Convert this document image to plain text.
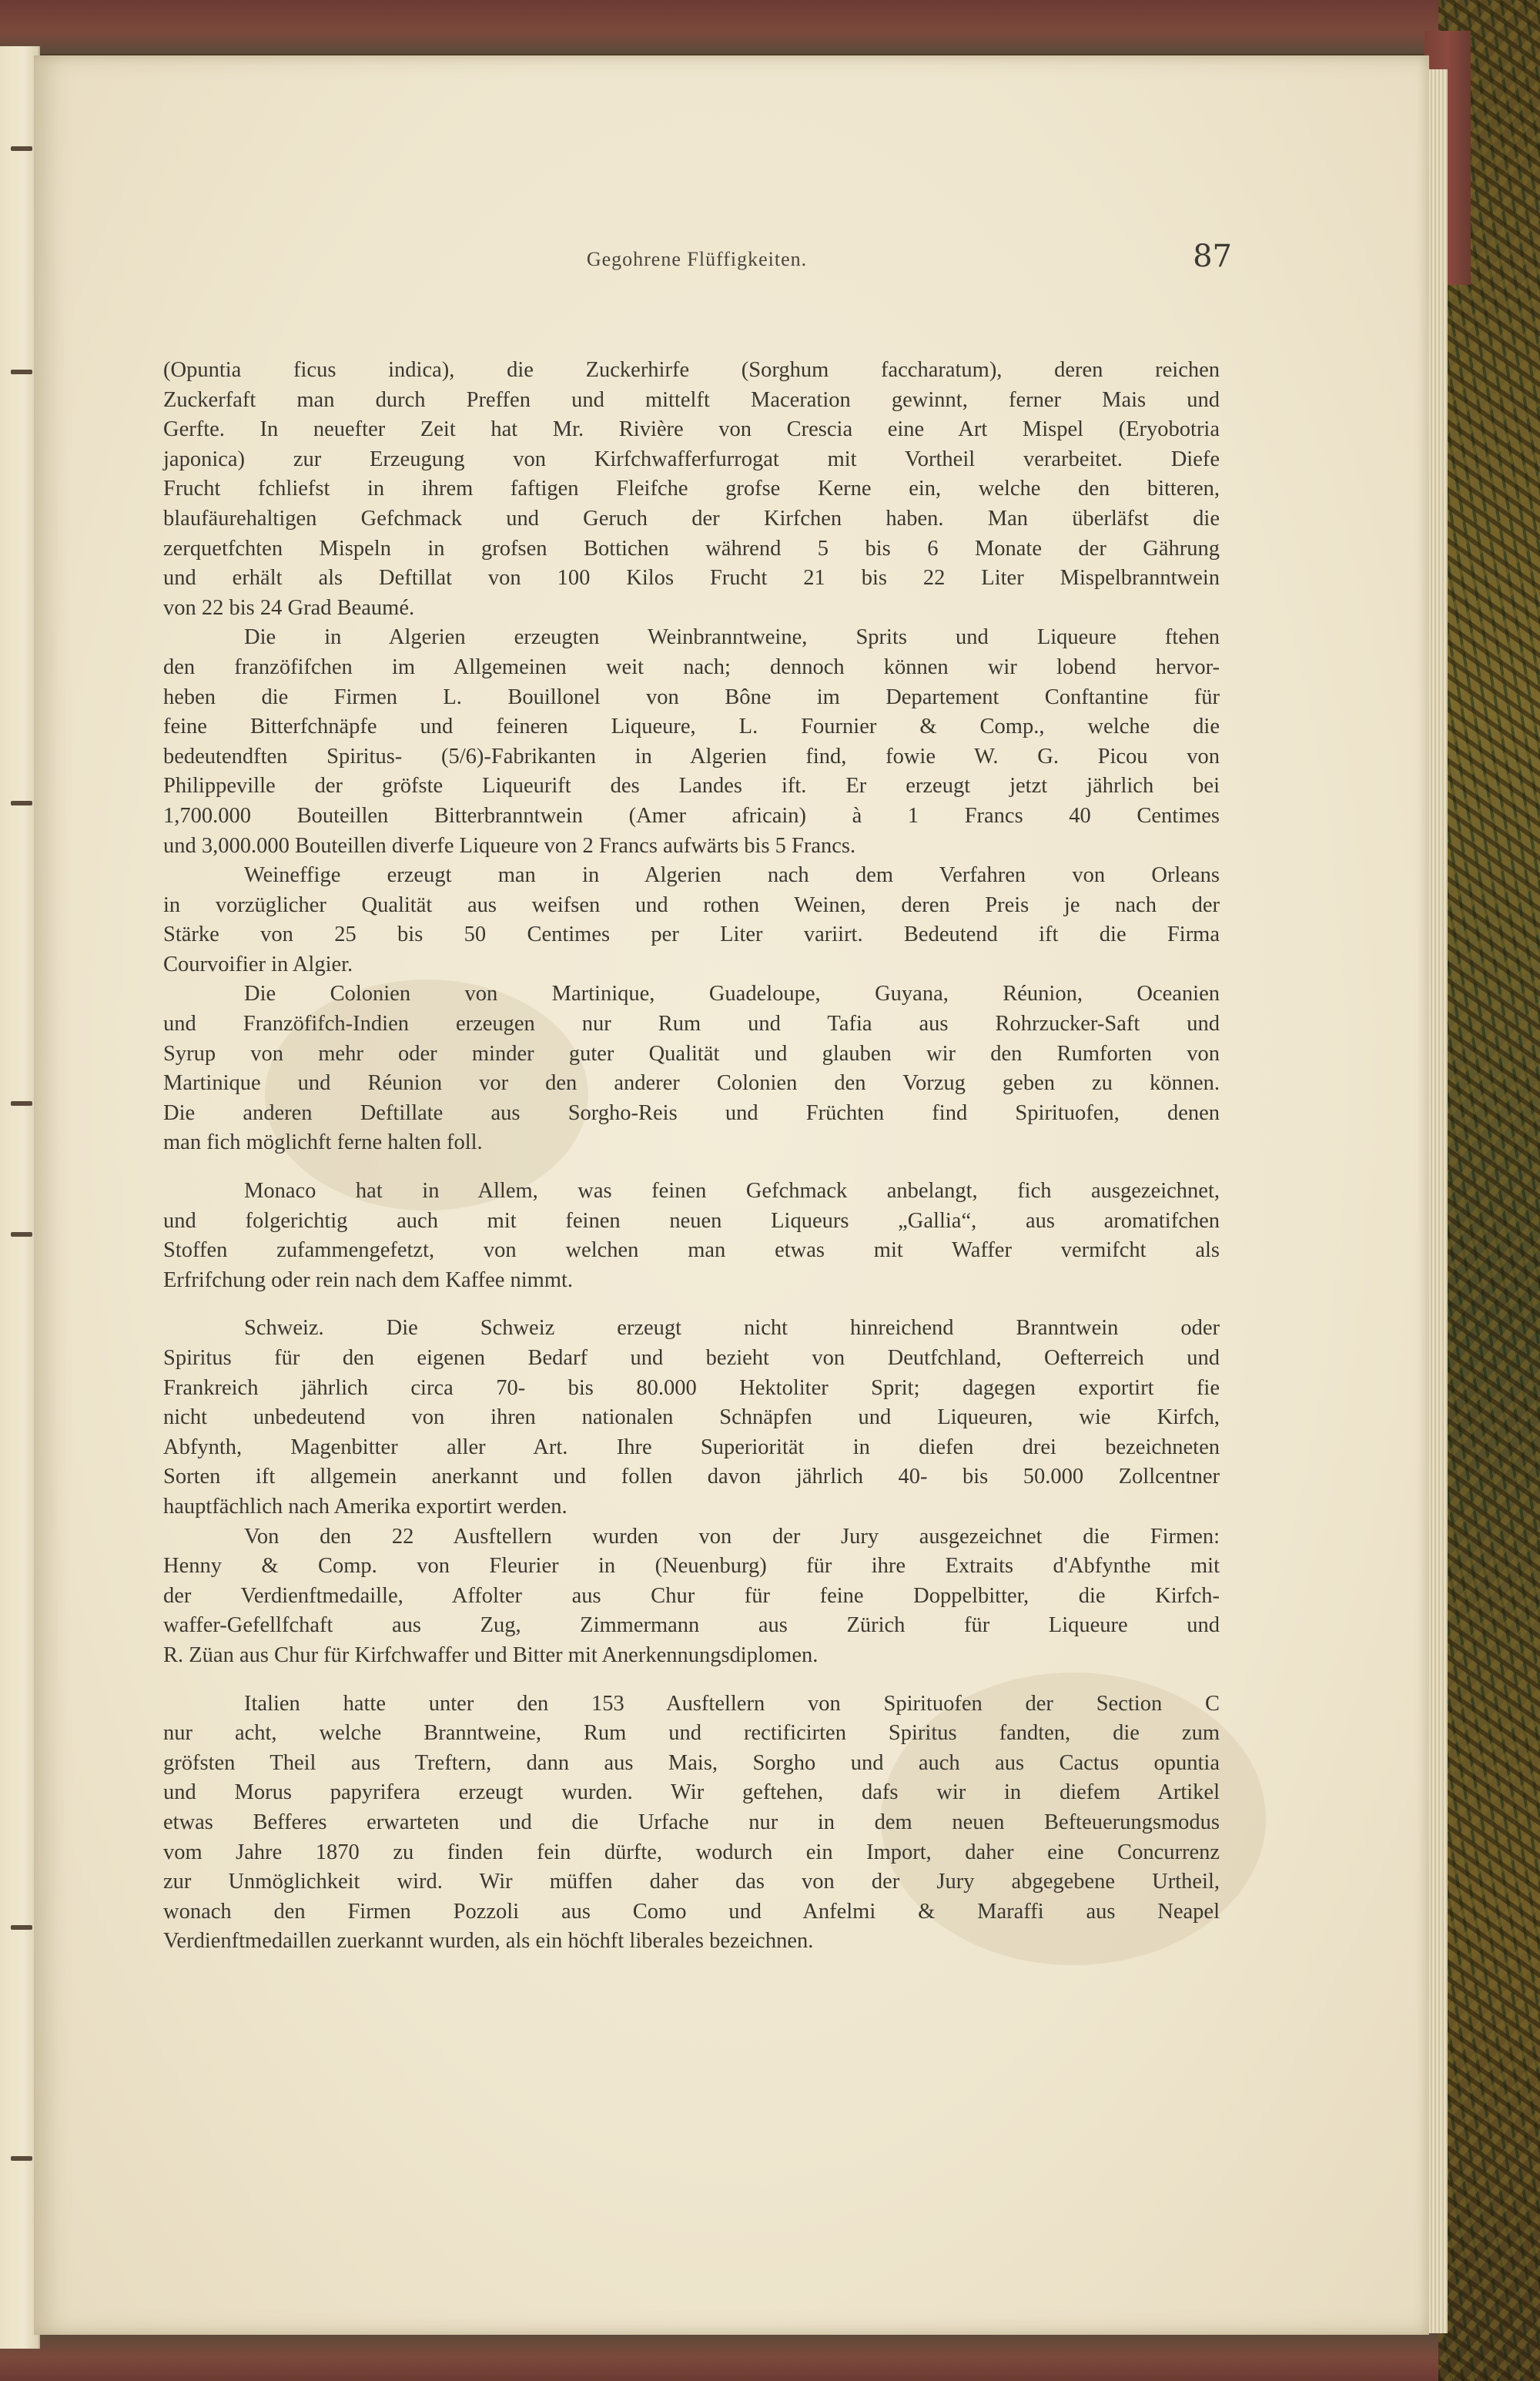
Gegohrene Flüffigkeiten.	87

(Opuntia ficus indica), die Zuckerhirfe (Sorghum faccharatum), deren reichen
Zuckerfaft man durch Preffen und mittelft Maceration gewinnt, ferner Mais und
Gerfte. In neuefter Zeit hat Mr. Rivière von Crescia eine Art Mispel (Eryobotria
japonica) zur Erzeugung von Kirfchwafferfurrogat mit Vortheil verarbeitet. Diefe
Frucht fchliefst in ihrem faftigen Fleifche grofse Kerne ein, welche den bitteren,
blaufäurehaltigen Gefchmack und Geruch der Kirfchen haben. Man überläfst die
zerquetfchten Mispeln in grofsen Bottichen während 5 bis 6 Monate der Gährung
und erhält als Deftillat von 100 Kilos Frucht 21 bis 22 Liter Mispelbranntwein
von 22 bis 24 Grad Beaumé.

Die in Algerien erzeugten Weinbranntweine, Sprits und Liqueure ftehen
den franzöfifchen im Allgemeinen weit nach; dennoch können wir lobend hervor-
heben die Firmen L. Bouillonel von Bône im Departement Conftantine für
feine Bitterfchnäpfe und feineren Liqueure, L. Fournier & Comp., welche die
bedeutendften Spiritus- (5/6)-Fabrikanten in Algerien find, fowie W. G. Picou von
Philippeville der gröfste Liqueurift des Landes ift. Er erzeugt jetzt jährlich bei
1,700.000 Bouteillen Bitterbranntwein (Amer africain) à 1 Francs 40 Centimes
und 3,000.000 Bouteillen diverfe Liqueure von 2 Francs aufwärts bis 5 Francs.

Weineffige erzeugt man in Algerien nach dem Verfahren von Orleans
in vorzüglicher Qualität aus weifsen und rothen Weinen, deren Preis je nach der
Stärke von 25 bis 50 Centimes per Liter variirt. Bedeutend ift die Firma
Courvoifier in Algier.

Die Colonien von Martinique, Guadeloupe, Guyana, Réunion, Oceanien
und Franzöfifch-Indien erzeugen nur Rum und Tafia aus Rohrzucker-Saft und
Syrup von mehr oder minder guter Qualität und glauben wir den Rumforten von
Martinique und Réunion vor den anderer Colonien den Vorzug geben zu können.
Die anderen Deftillate aus Sorgho-Reis und Früchten find Spirituofen, denen
man fich möglichft ferne halten foll.

Monaco hat in Allem, was feinen Gefchmack anbelangt, fich ausgezeichnet,
und folgerichtig auch mit feinen neuen Liqueurs „Gallia“, aus aromatifchen
Stoffen zufammengefetzt, von welchen man etwas mit Waffer vermifcht als
Erfrifchung oder rein nach dem Kaffee nimmt.

Schweiz. Die Schweiz erzeugt nicht hinreichend Branntwein oder
Spiritus für den eigenen Bedarf und bezieht von Deutfchland, Oefterreich und
Frankreich jährlich circa 70- bis 80.000 Hektoliter Sprit; dagegen exportirt fie
nicht unbedeutend von ihren nationalen Schnäpfen und Liqueuren, wie Kirfch,
Abfynth, Magenbitter aller Art. Ihre Superiorität in diefen drei bezeichneten
Sorten ift allgemein anerkannt und follen davon jährlich 40- bis 50.000 Zollcentner
hauptfächlich nach Amerika exportirt werden.

Von den 22 Ausftellern wurden von der Jury ausgezeichnet die Firmen:
Henny & Comp. von Fleurier in (Neuenburg) für ihre Extraits d'Abfynthe mit
der Verdienftmedaille, Affolter aus Chur für feine Doppelbitter, die Kirfch-
waffer-Gefellfchaft aus Zug, Zimmermann aus Zürich für Liqueure und
R. Züan aus Chur für Kirfchwaffer und Bitter mit Anerkennungsdiplomen.

Italien hatte unter den 153 Ausftellern von Spirituofen der Section C
nur acht, welche Branntweine, Rum und rectificirten Spiritus fandten, die zum
gröfsten Theil aus Treftern, dann aus Mais, Sorgho und auch aus Cactus opuntia
und Morus papyrifera erzeugt wurden. Wir geftehen, dafs wir in diefem Artikel
etwas Befferes erwarteten und die Urfache nur in dem neuen Befteuerungsmodus
vom Jahre 1870 zu finden fein dürfte, wodurch ein Import, daher eine Concurrenz
zur Unmöglichkeit wird. Wir müffen daher das von der Jury abgegebene Urtheil,
wonach den Firmen Pozzoli aus Como und Anfelmi & Maraffi aus Neapel
Verdienftmedaillen zuerkannt wurden, als ein höchft liberales bezeichnen.
